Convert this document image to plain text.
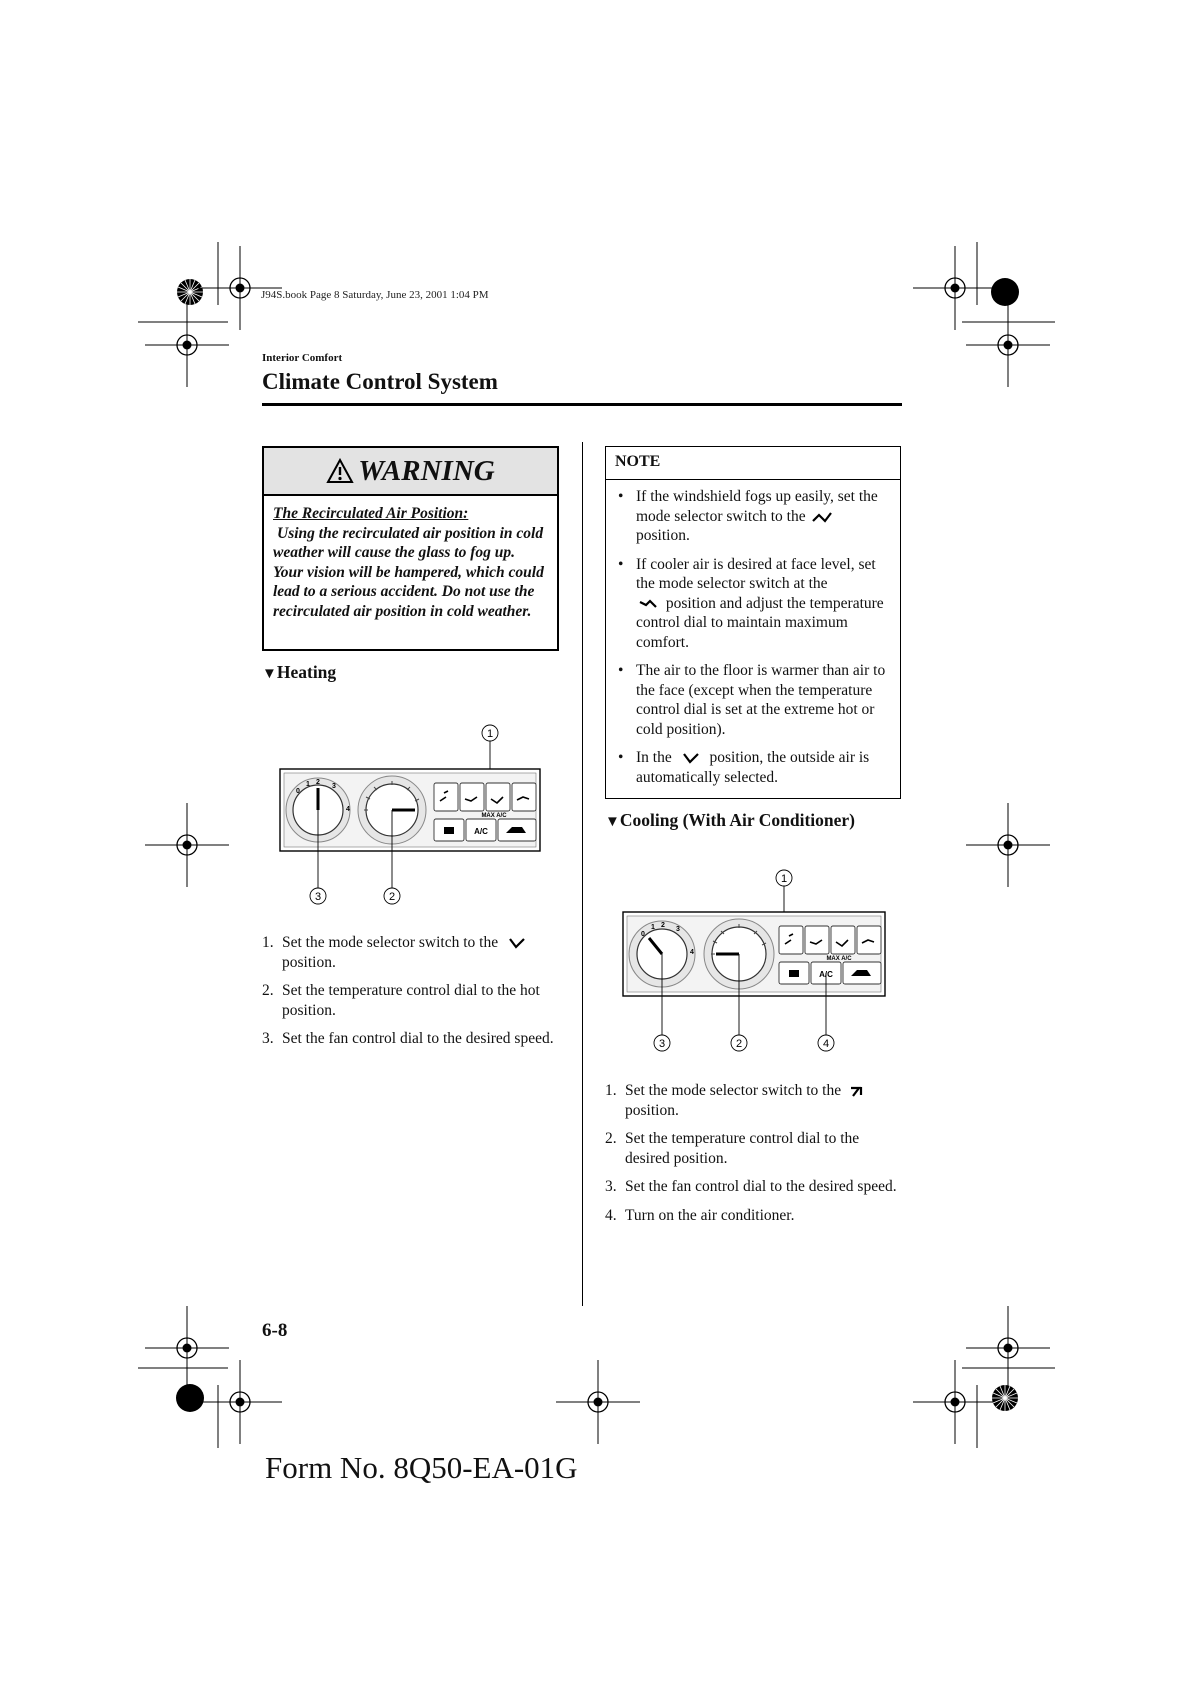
J94S.book Page 8 Saturday, June 23, 2001 1:04 PM
Interior Comfort
Climate Control System
WARNING
The Recirculated Air Position:
Using the recirculated air position in cold weather will cause the glass to fog up. Your vision will be hampered, which could lead to a serious accident. Do not use the recirculated air position in cold weather.
▼Heating
1
0
1 2
3
4
MAX A/C
A/C
3	2
1. Set the mode selector switch to the
position.
2. Set the temperature control dial to the hot position.
3. Set the fan control dial to the desired speed.
NOTE
• If the windshield fogs up easily, set the mode selector switch to the
position.
• If cooler air is desired at face level, set the mode selector switch at the
position and adjust the temperature control dial to maintain maximum comfort.
• The air to the floor is warmer than air to the face (except when the temperature control dial is set at the extreme hot or cold position).
• In the position, the outside air is automatically selected.
▼Cooling (With Air Conditioner)
1
0
1 2
3
4
MAX A/C
A/C
3	2	4
1. Set the mode selector switch to the
position.
2. Set the temperature control dial to the desired position.
3. Set the fan control dial to the desired speed.
4. Turn on the air conditioner.
6-8
Form No. 8Q50-EA-01G
